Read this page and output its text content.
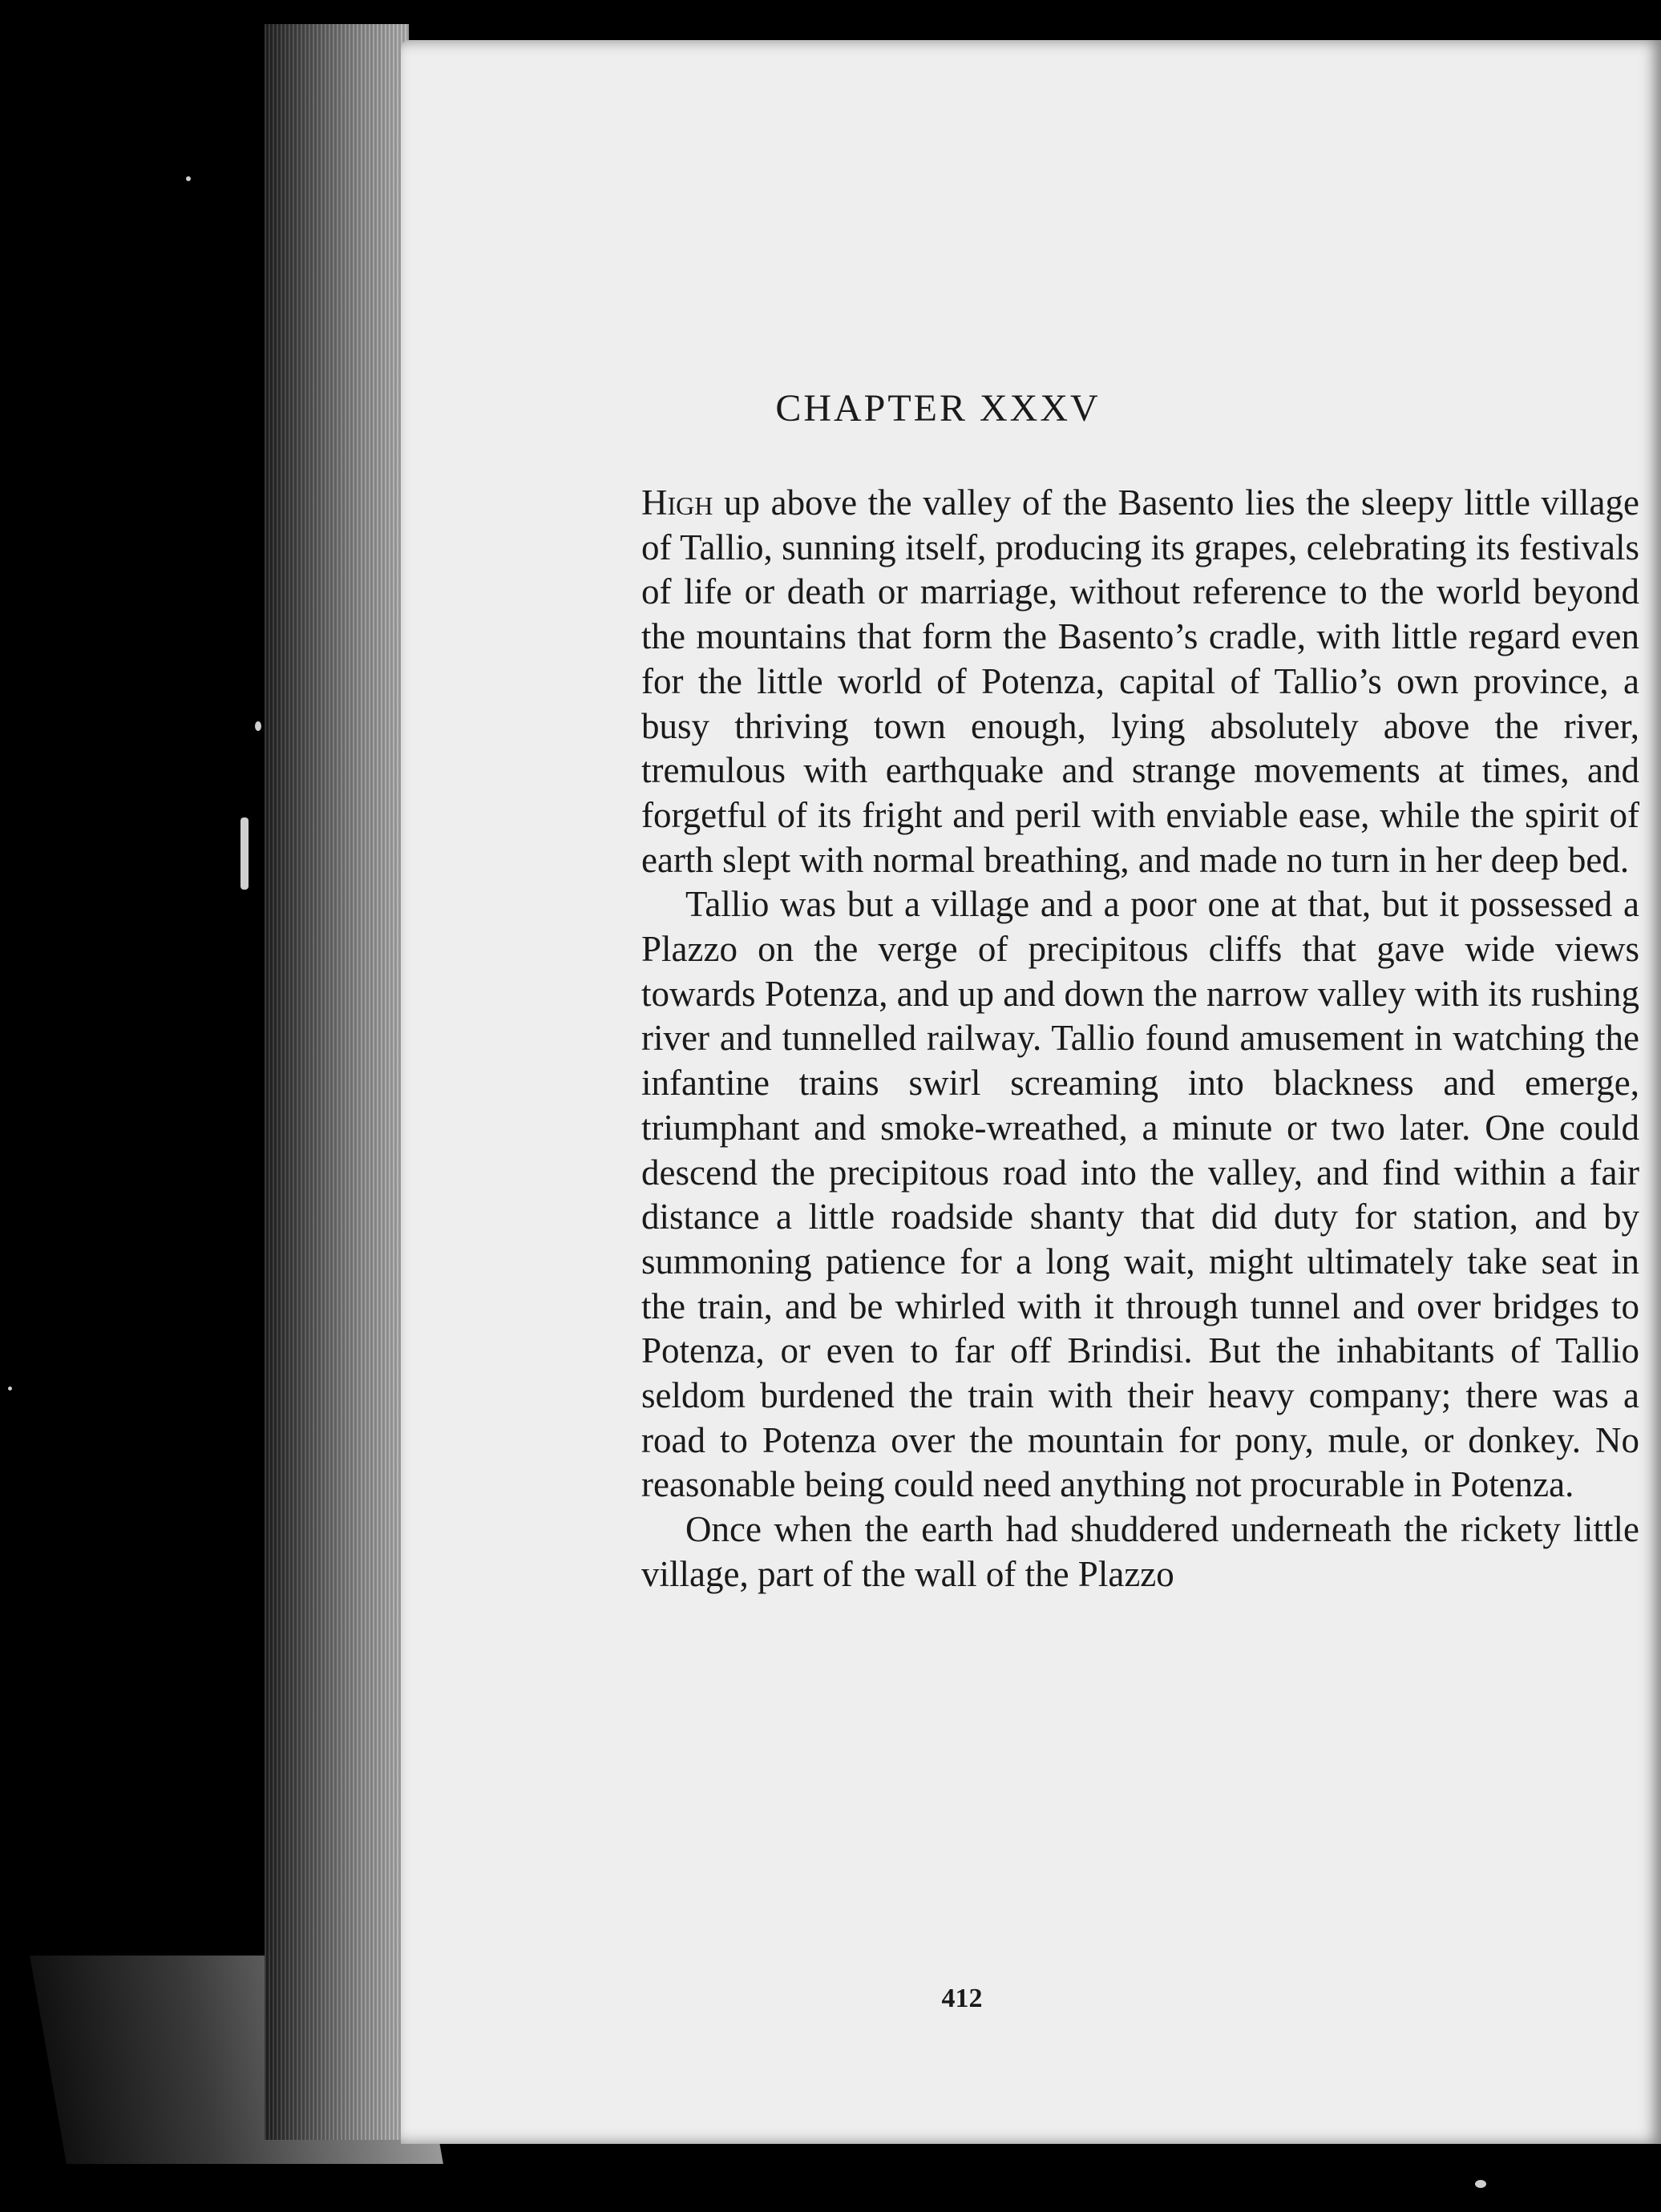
CHAPTER XXXV

High up above the valley of the Basento lies the sleepy little village of Tallio, sunning itself, producing its grapes, celebrating its festivals of life or death or marriage, without reference to the world beyond the mountains that form the Basento’s cradle, with little regard even for the little world of Potenza, capital of Tallio’s own province, a busy thriving town enough, lying absolutely above the river, tremulous with earthquake and strange movements at times, and forgetful of its fright and peril with enviable ease, while the spirit of earth slept with normal breathing, and made no turn in her deep bed.

Tallio was but a village and a poor one at that, but it possessed a Plazzo on the verge of precipitous cliffs that gave wide views towards Potenza, and up and down the narrow valley with its rushing river and tunnelled railway. Tallio found amusement in watching the infantine trains swirl screaming into blackness and emerge, triumphant and smoke-wreathed, a minute or two later. One could descend the precipitous road into the valley, and find within a fair distance a little roadside shanty that did duty for station, and by summoning patience for a long wait, might ultimately take seat in the train, and be whirled with it through tunnel and over bridges to Potenza, or even to far off Brindisi. But the inhabitants of Tallio seldom burdened the train with their heavy company; there was a road to Potenza over the mountain for pony, mule, or donkey. No reasonable being could need anything not procurable in Potenza.

Once when the earth had shuddered underneath the rickety little village, part of the wall of the Plazzo

412
